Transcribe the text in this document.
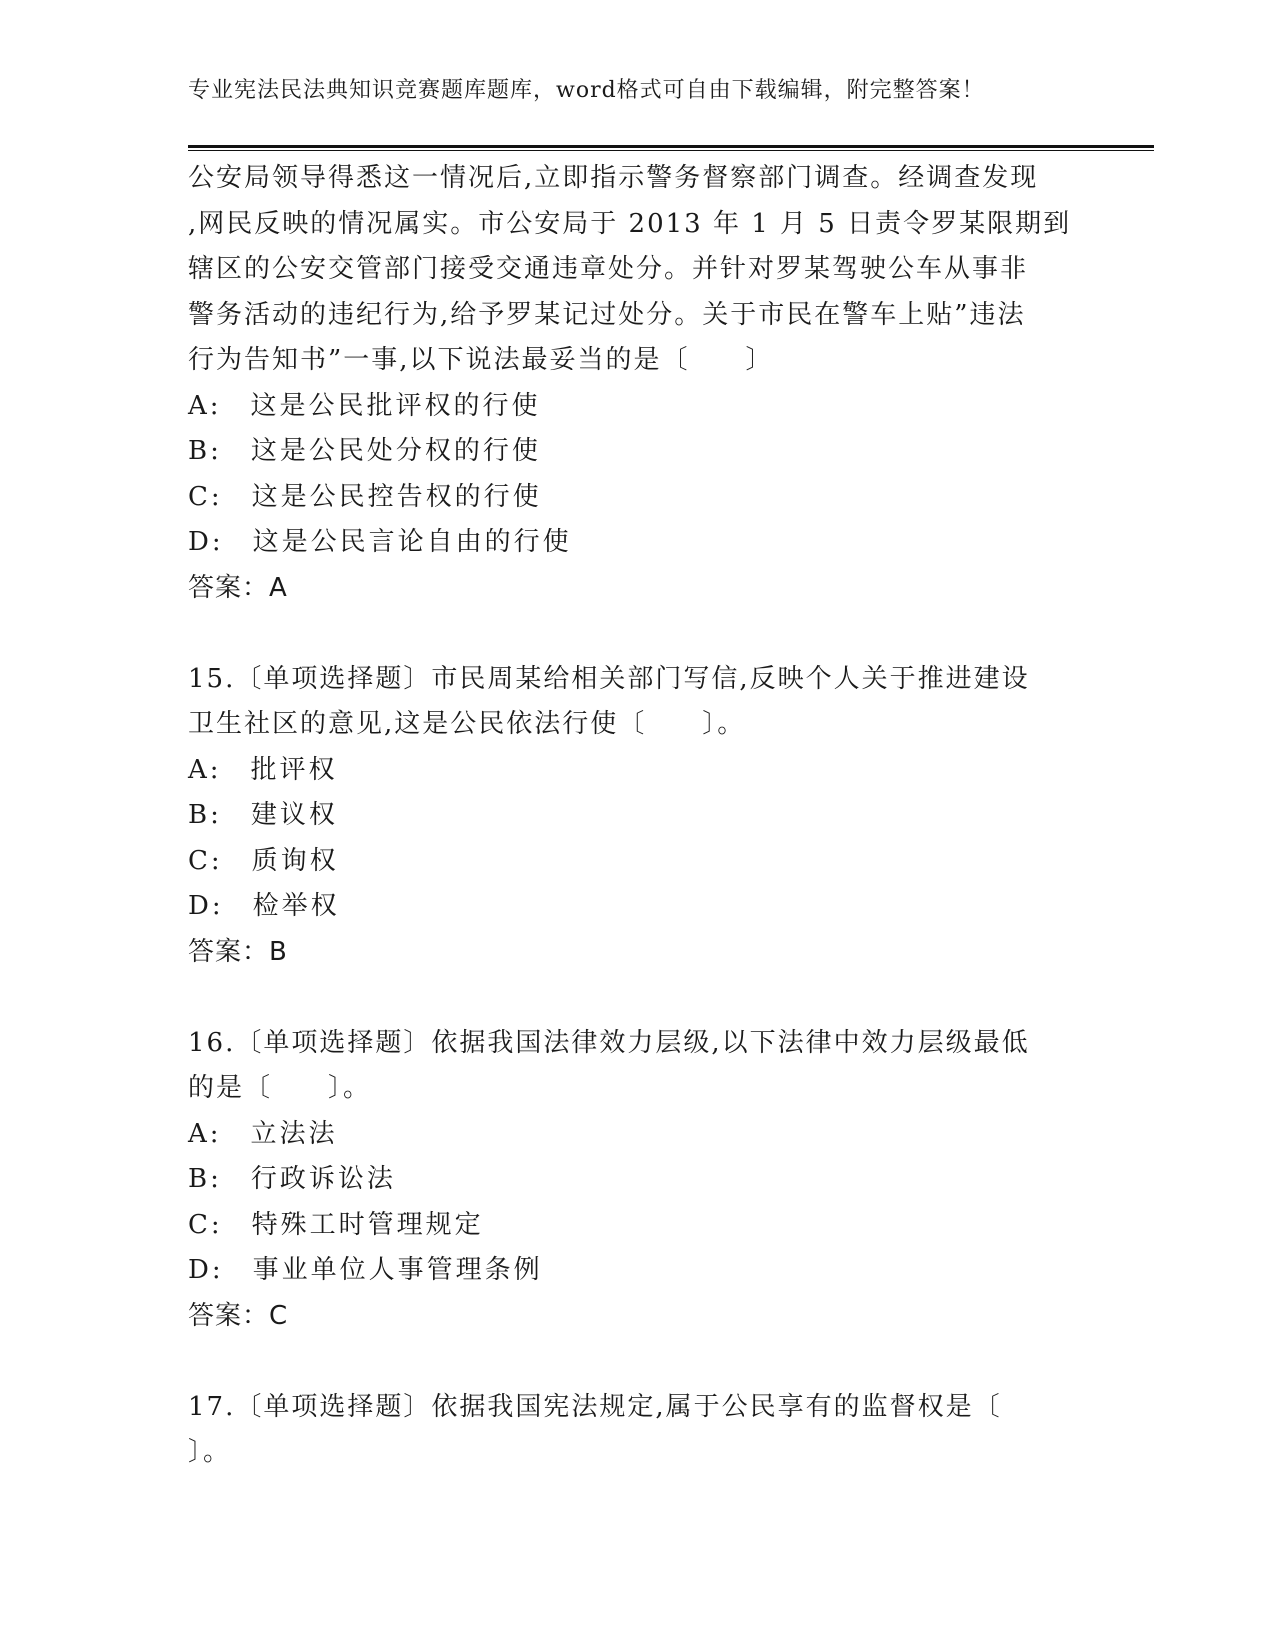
专业宪法民法典知识竞赛题库题库，word格式可自由下载编辑，附完整答案！
公安局领导得悉这一情况后,立即指示警务督察部门调查。经调查发现
,网民反映的情况属实。市公安局于 2013 年 1 月 5 日责令罗某限期到
辖区的公安交管部门接受交通违章处分。并针对罗某驾驶公车从事非
警务活动的违纪行为,给予罗某记过处分。关于市民在警车上贴”违法
行为告知书”一事,以下说法最妥当的是〔　　〕
A:　这是公民批评权的行使
B:　这是公民处分权的行使
C:　这是公民控告权的行使
D:　这是公民言论自由的行使
答案：A
15.〔单项选择题〕市民周某给相关部门写信,反映个人关于推进建设
卫生社区的意见,这是公民依法行使〔　　〕。
A:　批评权
B:　建议权
C:　质询权
D:　检举权
答案：B
16.〔单项选择题〕依据我国法律效力层级,以下法律中效力层级最低
的是〔　　〕。
A:　立法法
B:　行政诉讼法
C:　特殊工时管理规定
D:　事业单位人事管理条例
答案：C
17.〔单项选择题〕依据我国宪法规定,属于公民享有的监督权是〔
〕。
